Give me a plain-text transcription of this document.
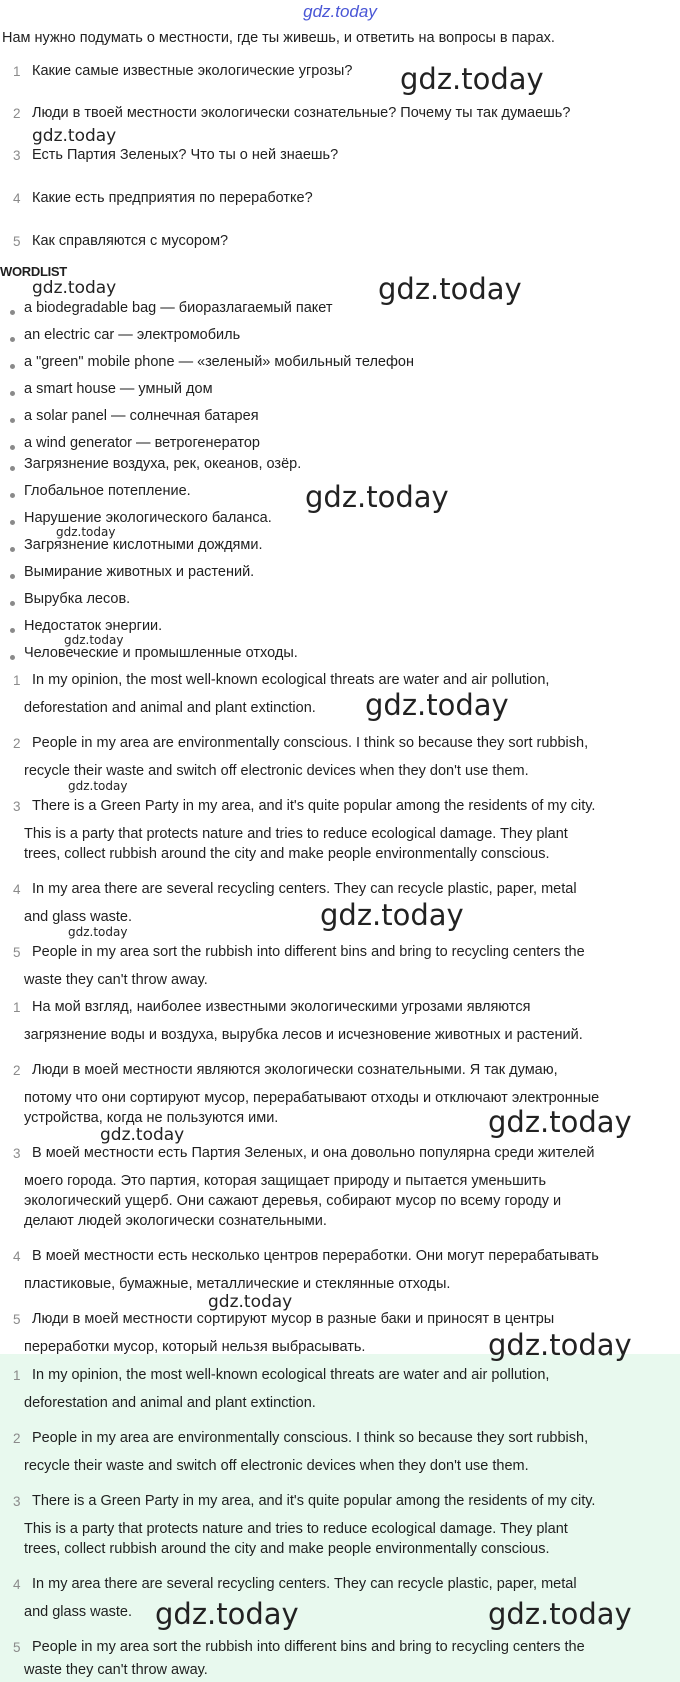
gdz.today
Нам нужно подумать о местности, где ты живешь, и ответить на вопросы в парах.
1 Какие самые известные экологические угрозы?
2 Люди в твоей местности экологически сознательные? Почему ты так думаешь?
3 Есть Партия Зеленых? Что ты о ней знаешь?
4 Какие есть предприятия по переработке?
5 Как справляются с мусором?
WORDLIST
a biodegradable bag — биоразлагаемый пакет
an electric car — электромобиль
a "green" mobile phone — «зеленый» мобильный телефон
a smart house — умный дом
a solar panel — солнечная батарея
a wind generator — ветрогенератор
Загрязнение воздуха, рек, океанов, озёр.
Глобальное потепление.
Нарушение экологического баланса.
Загрязнение кислотными дождями.
Вымирание животных и растений.
Вырубка лесов.
Недостаток энергии.
Человеческие и промышленные отходы.
1 In my opinion, the most well-known ecological threats are water and air pollution,
deforestation and animal and plant extinction.
2 People in my area are environmentally conscious. I think so because they sort rubbish,
recycle their waste and switch off electronic devices when they don't use them.
3 There is a Green Party in my area, and it's quite popular among the residents of my city.
This is a party that protects nature and tries to reduce ecological damage. They plant
trees, collect rubbish around the city and make people environmentally conscious.
4 In my area there are several recycling centers. They can recycle plastic, paper, metal
and glass waste.
5 People in my area sort the rubbish into different bins and bring to recycling centers the
waste they can't throw away.
1 На мой взгляд, наиболее известными экологическими угрозами являются
загрязнение воды и воздуха, вырубка лесов и исчезновение животных и растений.
2 Люди в моей местности являются экологически сознательными. Я так думаю,
потому что они сортируют мусор, перерабатывают отходы и отключают электронные
устройства, когда не пользуются ими.
3 В моей местности есть Партия Зеленых, и она довольно популярна среди жителей
моего города. Это партия, которая защищает природу и пытается уменьшить
экологический ущерб. Они сажают деревья, собирают мусор по всему городу и
делают людей экологически сознательными.
4 В моей местности есть несколько центров переработки. Они могут перерабатывать
пластиковые, бумажные, металлические и стеклянные отходы.
5 Люди в моей местности сортируют мусор в разные баки и приносят в центры
переработки мусор, который нельзя выбрасывать.
1 In my opinion, the most well-known ecological threats are water and air pollution,
deforestation and animal and plant extinction.
2 People in my area are environmentally conscious. I think so because they sort rubbish,
recycle their waste and switch off electronic devices when they don't use them.
3 There is a Green Party in my area, and it's quite popular among the residents of my city.
This is a party that protects nature and tries to reduce ecological damage. They plant
trees, collect rubbish around the city and make people environmentally conscious.
4 In my area there are several recycling centers. They can recycle plastic, paper, metal
and glass waste.
5 People in my area sort the rubbish into different bins and bring to recycling centers the
waste they can't throw away.
gdz.today
gdz.today
gdz.today	gdz.today
gdz.today
gdz.today
gdz.today
gdz.today
gdz.today
gdz.today
gdz.today
gdz.today	gdz.today
gdz.today
gdz.today
gdz.today	gdz.today
